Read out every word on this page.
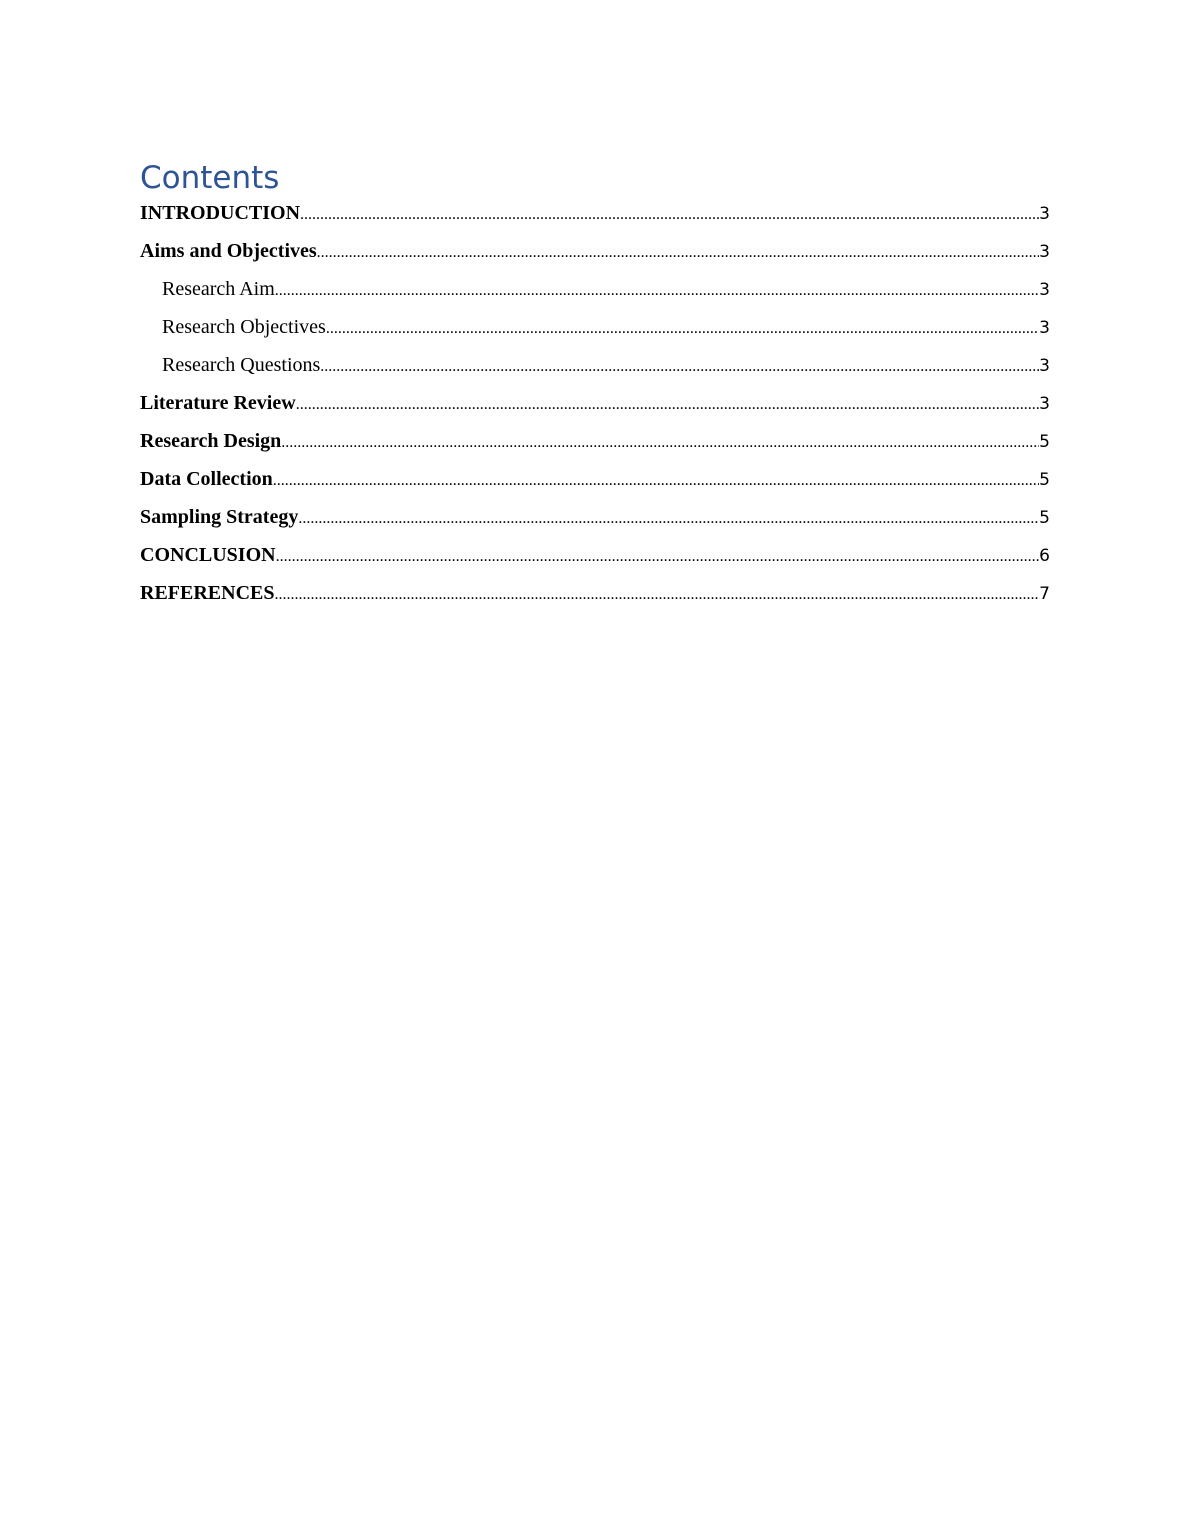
Contents
INTRODUCTION .....	3
Aims and Objectives .....	3
Research Aim .....	3
Research Objectives .....	3
Research Questions .....	3
Literature Review .....	3
Research Design .....	5
Data Collection .....	5
Sampling Strategy .....	5
CONCLUSION .....	6
REFERENCES .....	7
